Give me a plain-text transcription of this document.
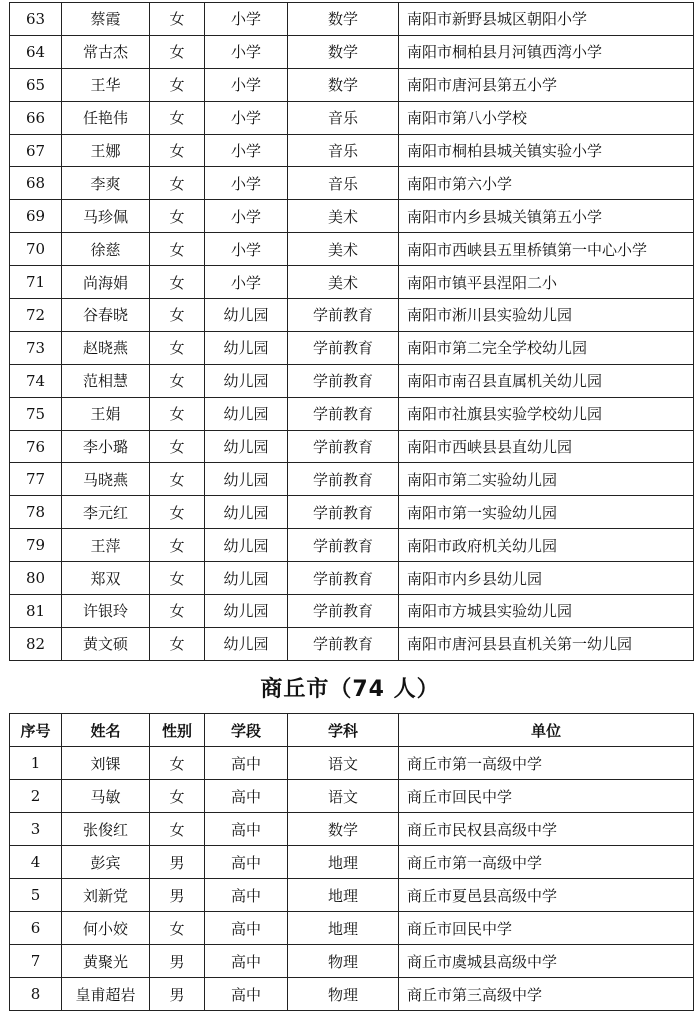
63	蔡霞	女	小学	数学	南阳市新野县城区朝阳小学
64	常古杰	女	小学	数学	南阳市桐柏县月河镇西湾小学
65	王华	女	小学	数学	南阳市唐河县第五小学
66	任艳伟	女	小学	音乐	南阳市第八小学校
67	王娜	女	小学	音乐	南阳市桐柏县城关镇实验小学
68	李爽	女	小学	音乐	南阳市第六小学
69	马珍佩	女	小学	美术	南阳市内乡县城关镇第五小学
70	徐慈	女	小学	美术	南阳市西峡县五里桥镇第一中心小学
71	尚海娟	女	小学	美术	南阳市镇平县涅阳二小
72	谷春晓	女	幼儿园	学前教育	南阳市淅川县实验幼儿园
73	赵晓燕	女	幼儿园	学前教育	南阳市第二完全学校幼儿园
74	范相慧	女	幼儿园	学前教育	南阳市南召县直属机关幼儿园
75	王娟	女	幼儿园	学前教育	南阳市社旗县实验学校幼儿园
76	李小璐	女	幼儿园	学前教育	南阳市西峡县县直幼儿园
77	马晓燕	女	幼儿园	学前教育	南阳市第二实验幼儿园
78	李元红	女	幼儿园	学前教育	南阳市第一实验幼儿园
79	王萍	女	幼儿园	学前教育	南阳市政府机关幼儿园
80	郑双	女	幼儿园	学前教育	南阳市内乡县幼儿园
81	许银玲	女	幼儿园	学前教育	南阳市方城县实验幼儿园
82	黄文硕	女	幼儿园	学前教育	南阳市唐河县县直机关第一幼儿园
商丘市（74 人）
序号	姓名	性别	学段	学科	单位
1	刘锞	女	高中	语文	商丘市第一高级中学
2	马敏	女	高中	语文	商丘市回民中学
3	张俊红	女	高中	数学	商丘市民权县高级中学
4	彭宾	男	高中	地理	商丘市第一高级中学
5	刘新党	男	高中	地理	商丘市夏邑县高级中学
6	何小姣	女	高中	地理	商丘市回民中学
7	黄聚光	男	高中	物理	商丘市虞城县高级中学
8	皇甫超岩	男	高中	物理	商丘市第三高级中学
